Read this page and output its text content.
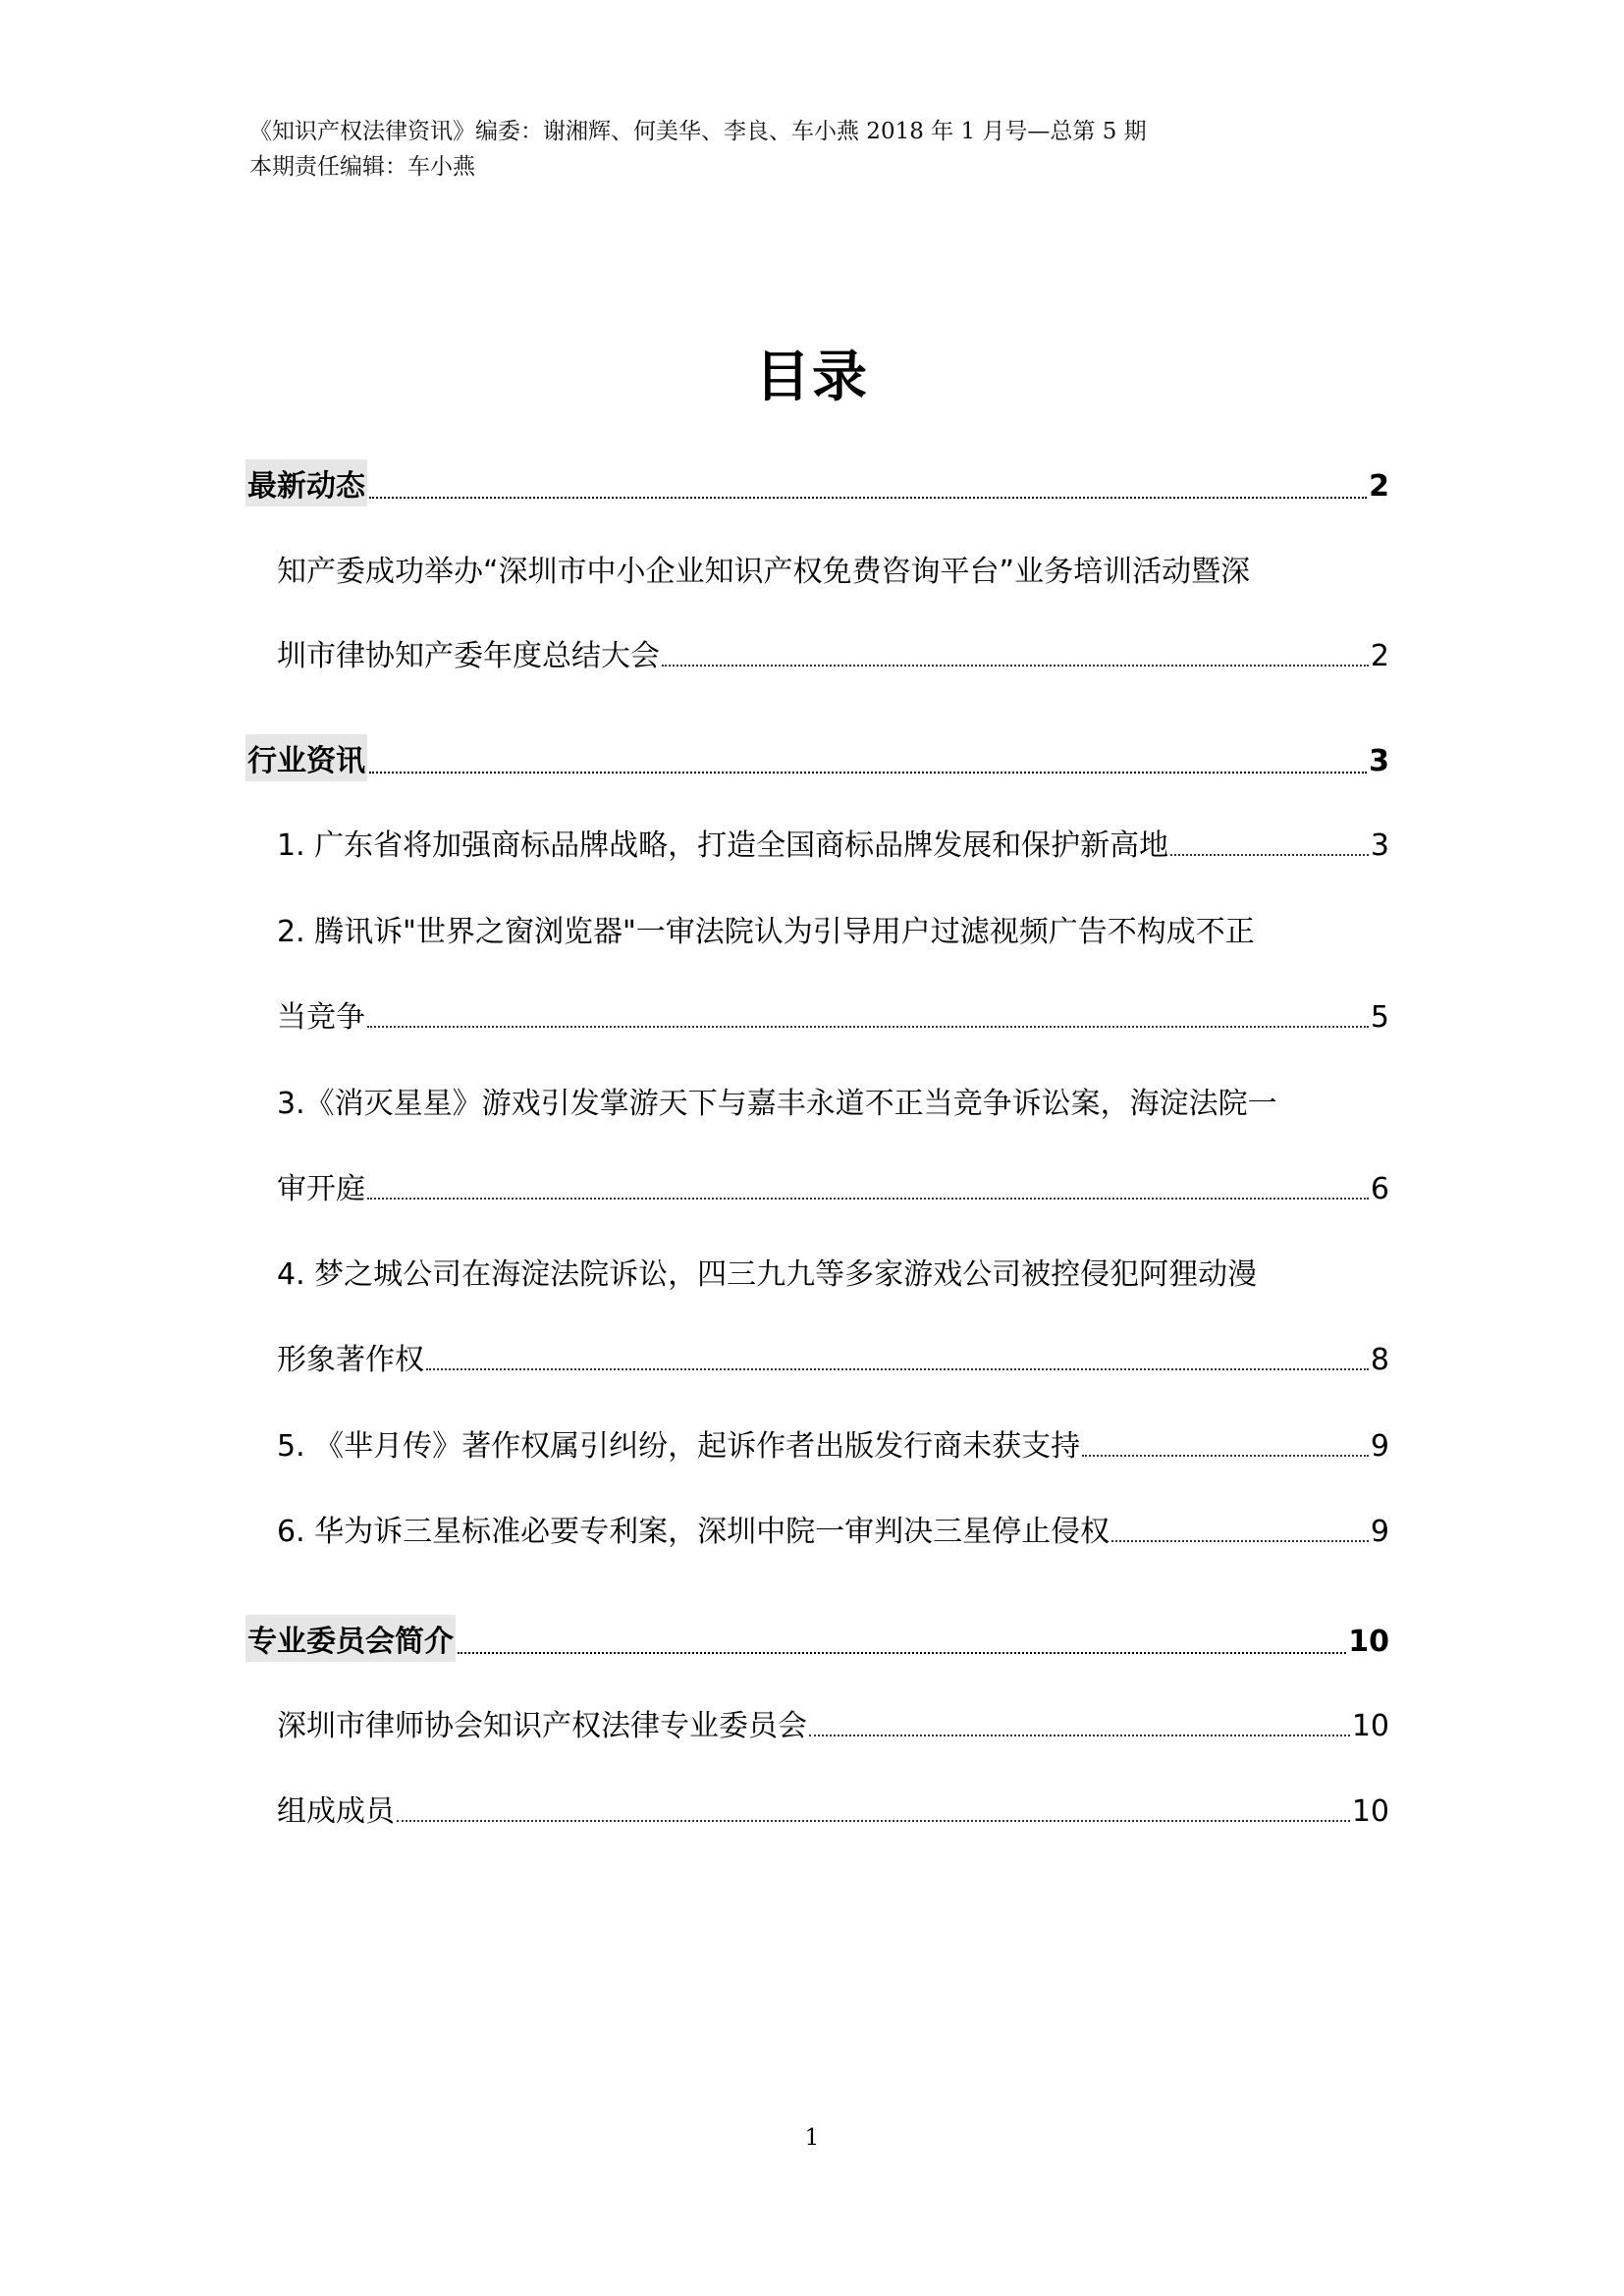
《知识产权法律资讯》编委：谢湘辉、何美华、李良、车小燕 2018 年 1 月号—总第 5 期
本期责任编辑：车小燕
目录
最新动态	2
知产委成功举办“深圳市中小企业知识产权免费咨询平台”业务培训活动暨深
圳市律协知产委年度总结大会	2
行业资讯	3
1. 广东省将加强商标品牌战略，打造全国商标品牌发展和保护新高地	3
2. 腾讯诉"世界之窗浏览器"一审法院认为引导用户过滤视频广告不构成不正
当竞争	5
3.《消灭星星》游戏引发掌游天下与嘉丰永道不正当竞争诉讼案，海淀法院一
审开庭	6
4. 梦之城公司在海淀法院诉讼，四三九九等多家游戏公司被控侵犯阿狸动漫
形象著作权	8
5. 《芈月传》著作权属引纠纷，起诉作者出版发行商未获支持	9
6. 华为诉三星标准必要专利案，深圳中院一审判决三星停止侵权	9
专业委员会简介	10
深圳市律师协会知识产权法律专业委员会	10
组成成员	10
1
